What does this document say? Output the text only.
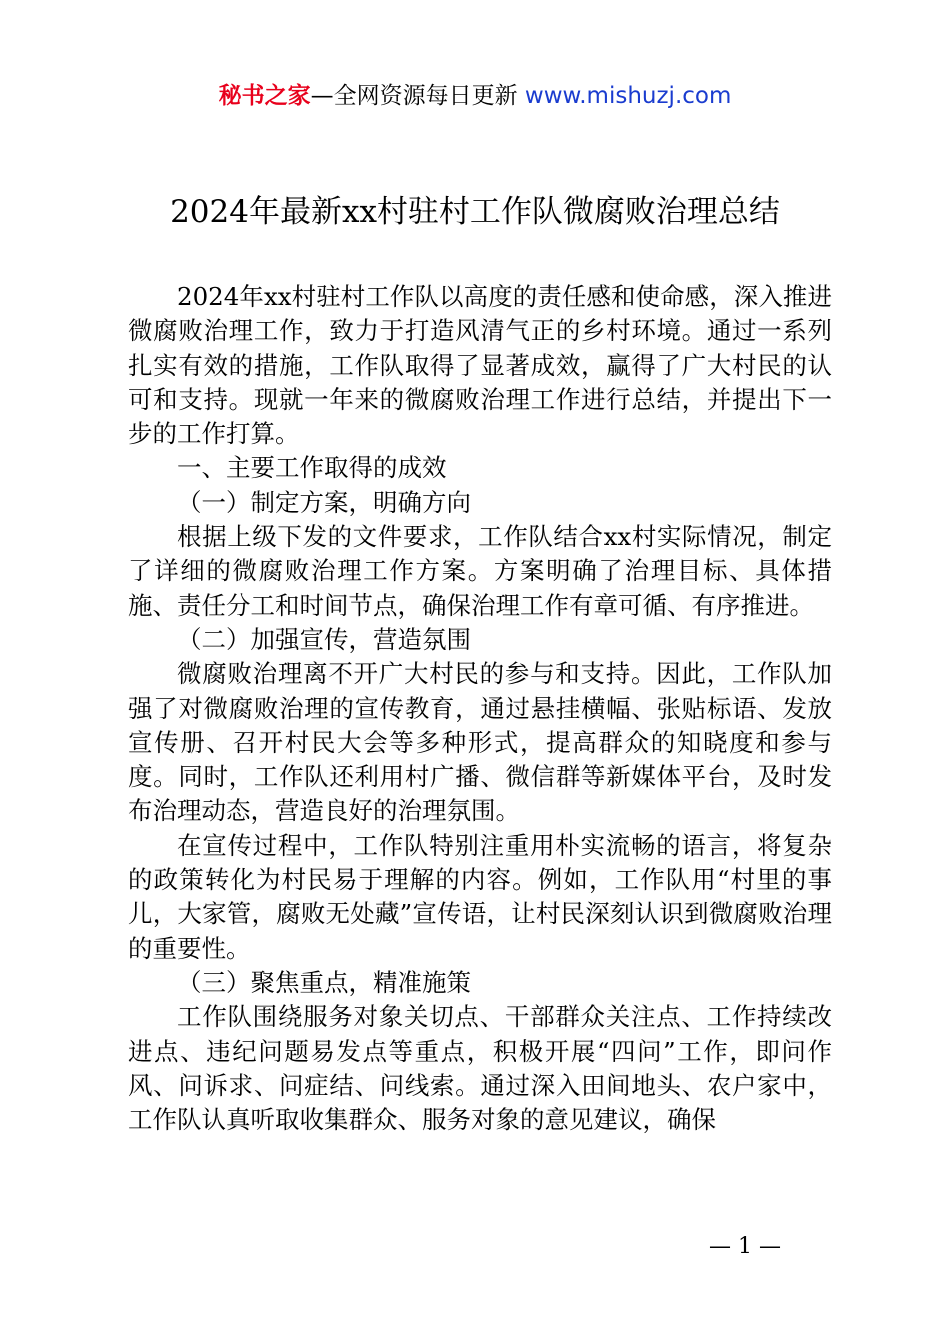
秘书之家—全网资源每日更新 www.mishuzj.com
2024年最新xx村驻村工作队微腐败治理总结

2024年xx村驻村工作队以高度的责任感和使命感，深入推进微腐败治理工作，致力于打造风清气正的乡村环境。通过一系列扎实有效的措施，工作队取得了显著成效，赢得了广大村民的认可和支持。现就一年来的微腐败治理工作进行总结，并提出下一步的工作打算。

一、主要工作取得的成效

（一）制定方案，明确方向

根据上级下发的文件要求，工作队结合xx村实际情况，制定了详细的微腐败治理工作方案。方案明确了治理目标、具体措施、责任分工和时间节点，确保治理工作有章可循、有序推进。

（二）加强宣传，营造氛围

微腐败治理离不开广大村民的参与和支持。因此，工作队加强了对微腐败治理的宣传教育，通过悬挂横幅、张贴标语、发放宣传册、召开村民大会等多种形式，提高群众的知晓度和参与度。同时，工作队还利用村广播、微信群等新媒体平台，及时发布治理动态，营造良好的治理氛围。

在宣传过程中，工作队特别注重用朴实流畅的语言，将复杂的政策转化为村民易于理解的内容。例如，工作队用“村里的事儿，大家管，腐败无处藏”宣传语，让村民深刻认识到微腐败治理的重要性。

（三）聚焦重点，精准施策

工作队围绕服务对象关切点、干部群众关注点、工作持续改进点、违纪问题易发点等重点，积极开展“四问”工作，即问作风、问诉求、问症结、问线索。通过深入田间地头、农户家中，工作队认真听取收集群众、服务对象的意见建议，确保

— 1 —
